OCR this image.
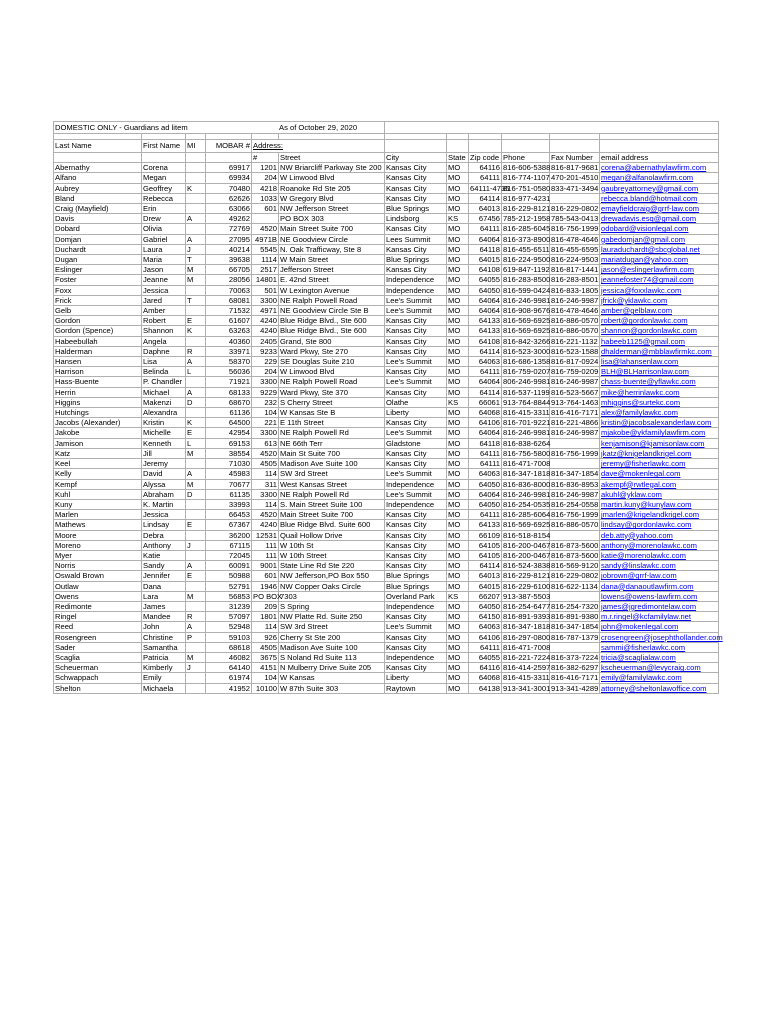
DOMESTIC ONLY - Guardians ad litem	As of October 29, 2020

Last Name	First Name	MI	MOBAR #	Address:						
				#	Street	City	State	Zip code	Phone	Fax Number	email address
Abernathy	Corena		69917	1201	NW Briarcliff Parkway Ste 200	Kansas City	MO	64116	816-606-5388	816-817-9681	corena@abernathylawfirm.com
Alfano	Megan		69934	204	W Linwood Blvd	Kansas City	MO	64111	816-774-1107	470-201-4510	megan@alfanolawfirm.com
Aubrey	Geoffrey	K	70480	4218	Roanoke Rd Ste 205	Kansas City	MO	64111-4735	816-751-0580	833-471-3494	gaubreyattorney@gmail.com
Bland	Rebecca		62626	1033	W Gregory Blvd	Kansas City	MO	64114	816-977-4231		rebecca.bland@hotmail.com
Craig (Mayfield)	Erin		63066	601	NW Jefferson Street	Blue Springs	MO	64013	816-229-8121	816-229-0802	emayfieldcraig@grrf-law.com
Davis	Drew	A	49262		PO BOX 303	Lindsborg	KS	67456	785-212-1958	785-543-0413	drewadavis.esq@gmail.com
Dobard	Olivia		72769	4520	Main Street Suite 700	Kansas City	MO	64111	816-285-6045	816-756-1999	odobard@visionlegal.com
Domjan	Gabriel	A	27095	4971B	NE Goodview Circle	Lees Summit	MO	64064	816-373-8900	816-478-4646	gabedomjan@gmail.com
Duchardt	Laura	J	40214	5545	N. Oak Trafficway, Ste 8	Kansas City	MO	64118	816-455-6511	816-455-6595	lauraduchardt@sbcglobal.net
Dugan	Maria	T	39638	1114	W Main Street	Blue Springs	MO	64015	816-224-9500	816-224-9503	mariatdugan@yahoo.com
Eslinger	Jason	M	66705	2517	Jefferson Street	Kansas City	MO	64108	619-847-1192	816-817-1441	jason@eslingerlawfirm.com
Foster	Jeanne	M	28056	14801	E. 42nd Street	Independence	MO	64055	816-283-8500	816-283-8501	jeannefoster74@gmail.com
Foxx	Jessica		70063	501	W Lexington Avenue	Independence	MO	64050	816-599-0424	816-833-1805	jessica@foxxlawkc.com
Frick	Jared	T	68081	3300	NE Ralph Powell Road	Lee's Summit	MO	64064	816-246-9981	816-246-9987	jfrick@yklawkc.com
Gelb	Amber		71532	4971	NE Goodview Circle Ste B	Lee's Summit	MO	64064	816-908-9676	816-478-4646	amber@gelblaw.com
Gordon	Robert	E	61607	4240	Blue Ridge Blvd., Ste 600	Kansas City	MO	64133	816-569-6925	816-886-0570	robert@gordonlawkc.com
Gordon (Spence)	Shannon	K	63263	4240	Blue Ridge Blvd., Ste 600	Kansas City	MO	64133	816-569-6925	816-886-0570	shannon@gordonlawkc.com
Habeebullah	Angela		40360	2405	Grand, Ste 800	Kansas City	MO	64108	816-842-3266	816-221-1132	habeeb1125@gmail.com
Halderman	Daphne	R	33971	9233	Ward Pkwy, Ste 270	Kansas City	MO	64114	816-523-3000	816-523-1588	dhalderman@mbblawfirmkc.com
Hansen	Lisa	A	58370	229	SE Douglas Suite 210	Lee's Summit	MO	64063	816-686-1358	816-817-0924	lisa@lahansenlaw.com
Harrison	Belinda	L	56036	204	W Linwood Blvd	Kansas City	MO	64111	816-759-0207	816-759-0209	BLH@BLHarrisonlaw.com
Hass-Buente	P. Chandler		71921	3300	NE Ralph Powell Road	Lee's Summit	MO	64064	806-246-9981	816-246-9987	chass-buente@yflawkc.com
Herrin	Michael	A	68133	9229	Ward Pkwy, Ste 370	Kansas City	MO	64114	816-537-1199	816-523-5667	mike@herrinlawkc.com
Higgins	Makenzi	D	68670	232	S Cherry Street	Olathe	KS	66061	913-764-8844	913-764-1463	mhiggins@surtekc.com
Hutchings	Alexandra		61136	104	W Kansas Ste B	Liberty	MO	64068	816-415-3311	816-416-7171	alex@familylawkc.com
Jacobs (Alexander)	Kristin	K	64500	221	E 11th Street	Kansas City	MO	64106	816-701-9221	816-221-4866	kristin@jacobsalexanderlaw.com
Jakobe	Michelle	E	42954	3300	NE Ralph Powell Rd	Lee's Summit	MO	64064	816-246-9981	816-246-9987	mjakobe@ykfamilylawfirm.com
Jamison	Kenneth	L	69153	613	NE 66th Terr	Gladstone	MO	64118	816-838-6264		kenjamison@kjamisonlaw.com
Katz	Jill	M	38554	4520	Main St Suite 700	Kansas City	MO	64111	816-756-5800	816-756-1999	jkatz@knigelandkrigel.com
Keel	Jeremy		71030	4505	Madison Ave Suite 100	Kansas City	MO	64111	816-471-7008		jeremy@fisherlawkc.com
Kelly	David	A	45983	114	SW 3rd Street	Lee's Summit	MO	64063	816-347-1818	816-347-1854	dave@mokenlegal.com
Kempf	Alyssa	M	70677	311	West Kansas Street	Independence	MO	64050	816-836-8000	816-836-8953	akempf@rwtlegal.com
Kuhl	Abraham	D	61135	3300	NE Ralph Powell Rd	Lee's Summit	MO	64064	816-246-9981	816-246-9987	akuhl@yklaw.com
Kuny	K. Martin		33993	114	S. Main Street Suite 100	Independence	MO	64050	816-254-0535	816-254-0558	martin.kuny@kunylaw.com
Marlen	Jessica		66453	4520	Main Street Suite 700	Kansas City	MO	64111	816-285-6064	816-756-1999	jmarlen@krigelandkrigel.com
Mathews	Lindsay	E	67367	4240	Blue Ridge Blvd. Suite 600	Kansas City	MO	64133	816-569-6925	816-886-0570	lindsay@gordonlawkc.com
Moore	Debra		36200	12531	Quail Hollow Drive	Kansas City	MO	66109	816-518-8154		deb.atty@yahoo.com
Moreno	Anthony	J	67115	111	W 10th St	Kansas City	MO	64105	816-200-0467	816-873-5600	anthony@morenolawkc.com
Myer	Katie		72045	111	W 10th Street	Kansas City	MO	64105	816-200-0467	816-873-5600	katie@morenolawkc.com
Norris	Sandy	A	60091	9001	State Line Rd Ste 220	Kansas City	MO	64114	816-524-3838	816-569-9120	sandy@linslawkc.com
Oswald Brown	Jennifer	E	50988	601	NW Jefferson,PO Box 550	Blue Springs	MO	64013	816-229-8121	816-229-0802	jobrown@grrf-law.com
Outlaw	Dana		52791	1946	NW Copper Oaks Circle	Blue Springs	MO	64015	816-229-6100	816-622-1134	dana@danaoutlawfirm.com
Owens	Lara	M	56853	PO BOX	7303	Overland Park	KS	66207	913-387-5503		lowens@owens-lawfirm.com
Redimonte	James		31239	209	S Spring	Independence	MO	64050	816-254-6477	816-254-7320	james@jgredimontelaw.com
Ringel	Mandee	R	57097	1801	NW Platte Rd. Suite 250	Kansas City	MO	64150	816-891-9393	816-891-9380	m.r.ringel@kcfamilylaw.net
Reed	John	A	52948	114	SW 3rd Street	Lee's Summit	MO	64063	816-347-1818	816-347-1854	john@mokenlegal.com
Rosengreen	Christine	P	59103	926	Cherry St Ste 200	Kansas City	MO	64106	816-297-0800	816-787-1379	crosengreen@josephthollander.com
Sader	Samantha		68618	4505	Madison Ave Suite 100	Kansas City	MO	64111	816-471-7008		sammi@fisherlawkc.com
Scaglia	Patricia	M	46082	3675	S Noland Rd Suite 113	Independence	MO	64055	816-221-7224	816-373-7224	tricia@scaglialaw.com
Scheuerman	Kimberly	J	64140	4151	N Mulberry Drive Suite 205	Kansas City	MO	64116	816-414-2597	816-382-6297	kscheuerman@levycraig.com
Schwappach	Emily		61974	104	W Kansas	Liberty	MO	64068	816-415-3311	816-416-7171	emily@familylawkc.com
Shelton	Michaela		41952	10100	W 87th Suite 303	Raytown	MO	64138	913-341-3001	913-341-4289	attorney@sheltonlawoffice.com
